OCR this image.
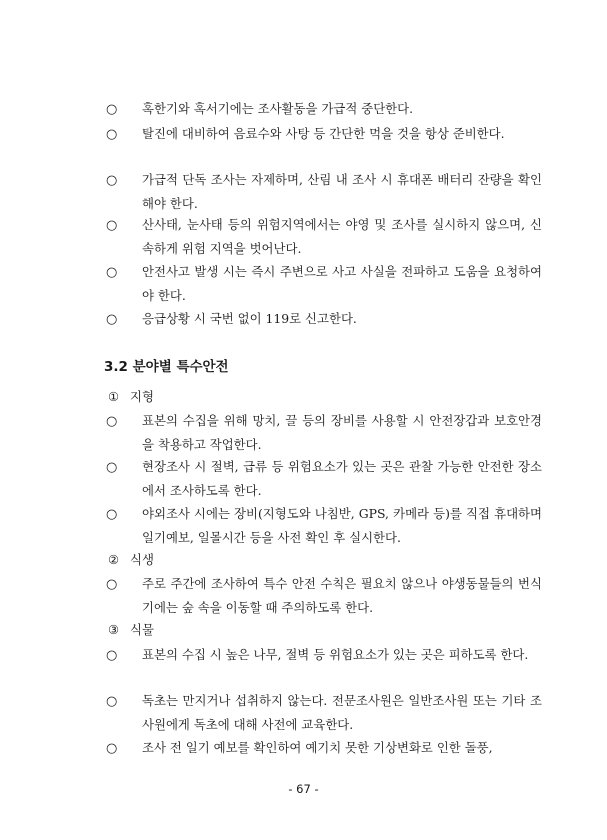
○ 혹한기와 혹서기에는 조사활동을 가급적 중단한다.
○ 탈진에 대비하여 음료수와 사탕 등 간단한 먹을 것을 항상 준비한다.
○ 가급적 단독 조사는 자제하며, 산림 내 조사 시 휴대폰 배터리 잔량을 확인해야 한다.
○ 산사태, 눈사태 등의 위험지역에서는 야영 및 조사를 실시하지 않으며, 신속하게 위험 지역을 벗어난다.
○ 안전사고 발생 시는 즉시 주변으로 사고 사실을 전파하고 도움을 요청하여야 한다.
○ 응급상황 시 국번 없이 119로 신고한다.
3.2 분야별 특수안전
① 지형
○ 표본의 수집을 위해 망치, 끌 등의 장비를 사용할 시 안전장갑과 보호안경을 착용하고 작업한다.
○ 현장조사 시 절벽, 급류 등 위험요소가 있는 곳은 관찰 가능한 안전한 장소에서 조사하도록 한다.
○ 야외조사 시에는 장비(지형도와 나침반, GPS, 카메라 등)를 직접 휴대하며 일기예보, 일몰시간 등을 사전 확인 후 실시한다.
② 식생
○ 주로 주간에 조사하여 특수 안전 수칙은 필요치 않으나 야생동물들의 번식기에는 숲 속을 이동할 때 주의하도록 한다.
③ 식물
○ 표본의 수집 시 높은 나무, 절벽 등 위험요소가 있는 곳은 피하도록 한다.
○ 독초는 만지거나 섭취하지 않는다. 전문조사원은 일반조사원 또는 기타 조사원에게 독초에 대해 사전에 교육한다.
○ 조사 전 일기 예보를 확인하여 예기치 못한 기상변화로 인한 돌풍,
- 67 -
